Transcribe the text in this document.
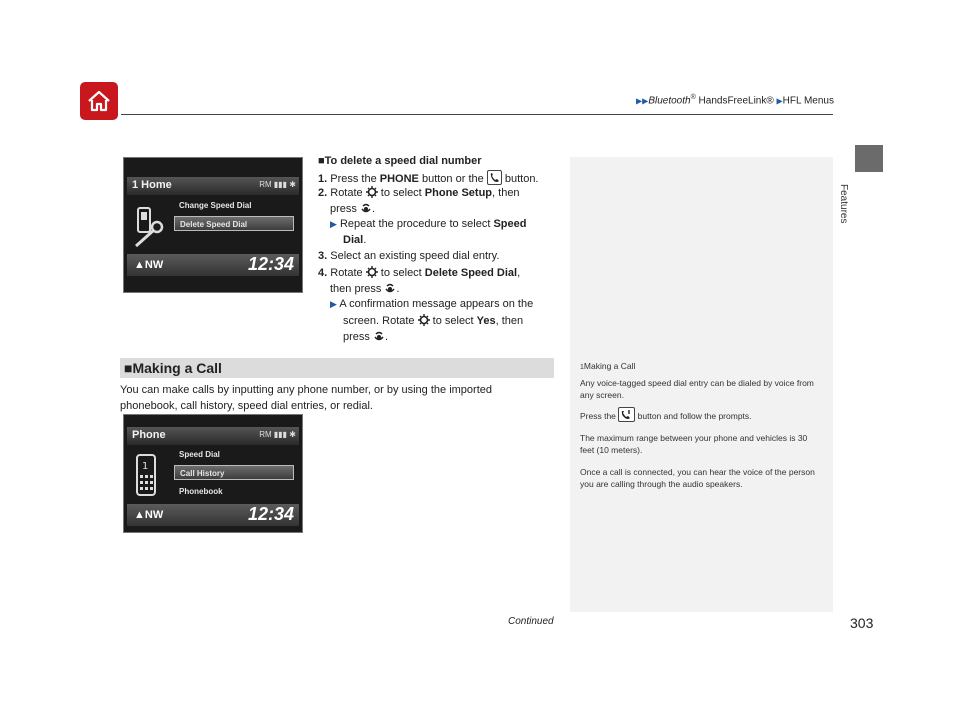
▶▶Bluetooth® HandsFreeLink® ▶HFL Menus
Features
1 Home	RM ▮▮▮ ✱
Change Speed Dial
Delete Speed Dial
▲NW	12:34
■To delete a speed dial number
1. Press the PHONE button or the  button.
2. Rotate  to select Phone Setup, then
press .
▶ Repeat the procedure to select Speed
Dial.
3. Select an existing speed dial entry.
4. Rotate  to select Delete Speed Dial,
then press .
▶ A confirmation message appears on the
screen. Rotate  to select Yes, then
press .
■Making a Call
You can make calls by inputting any phone number, or by using the imported phonebook, call history, speed dial entries, or redial.
Phone	RM ▮▮▮ ✱
1
Speed Dial
Call History
Phonebook
▲NW	12:34
1Making a Call

Any voice-tagged speed dial entry can be dialed by voice from any screen.

Press the  button and follow the prompts.

The maximum range between your phone and vehicles is 30 feet (10 meters).

Once a call is connected, you can hear the voice of the person you are calling through the audio speakers.

Continued	303
